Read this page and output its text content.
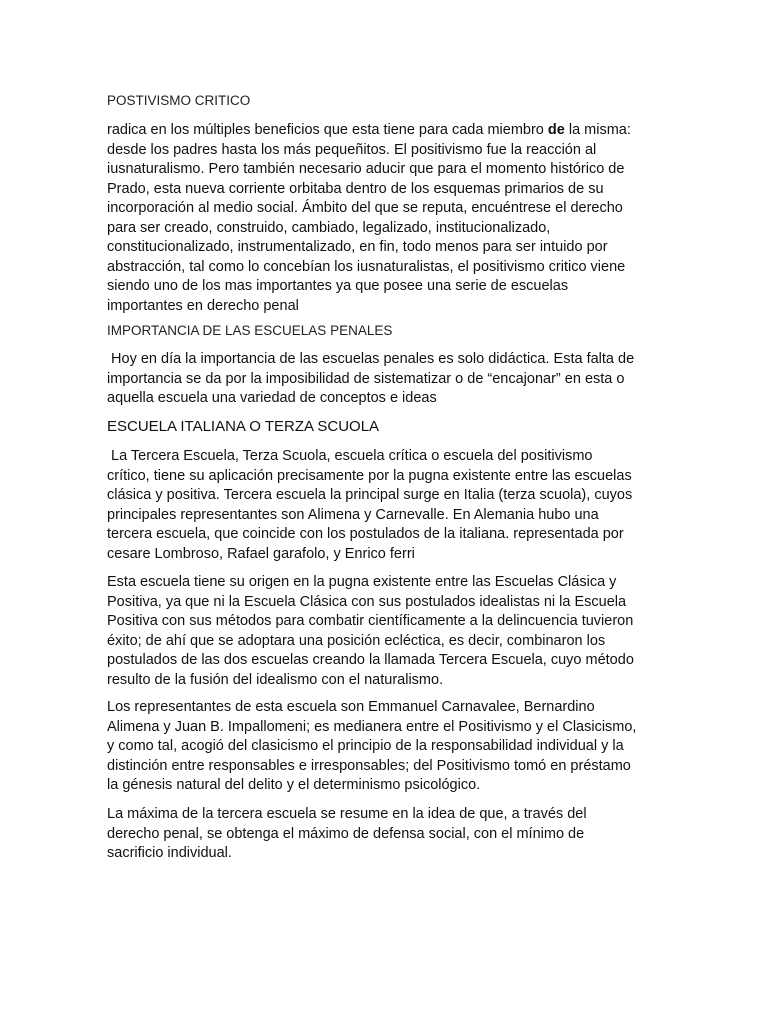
POSTIVISMO CRITICO

radica en los múltiples beneficios que esta tiene para cada miembro de la misma:
desde los padres hasta los más pequeñitos. El positivismo fue la reacción al
iusnaturalismo. Pero también necesario aducir que para el momento histórico de
Prado, esta nueva corriente orbitaba dentro de los esquemas primarios de su
incorporación al medio social. Ámbito del que se reputa, encuéntrese el derecho
para ser creado, construido, cambiado, legalizado, institucionalizado,
constitucionalizado, instrumentalizado, en fin, todo menos para ser intuido por
abstracción, tal como lo concebían los iusnaturalistas, el positivismo critico viene
siendo uno de los mas importantes ya que posee una serie de escuelas
importantes en derecho penal

IMPORTANCIA DE LAS ESCUELAS PENALES

Hoy en día la importancia de las escuelas penales es solo didáctica. Esta falta de
importancia se da por la imposibilidad de sistematizar o de “encajonar” en esta o
aquella escuela una variedad de conceptos e ideas

ESCUELA ITALIANA O TERZA SCUOLA

La Tercera Escuela, Terza Scuola, escuela crítica o escuela del positivismo
crítico, tiene su aplicación precisamente por la pugna existente entre las escuelas
clásica y positiva. Tercera escuela la principal surge en Italia (terza scuola), cuyos
principales representantes son Alimena y Carnevalle. En Alemania hubo una
tercera escuela, que coincide con los postulados de la italiana. representada por
cesare Lombroso, Rafael garafolo, y Enrico ferri
Esta escuela tiene su origen en la pugna existente entre las Escuelas Clásica y
Positiva, ya que ni la Escuela Clásica con sus postulados idealistas ni la Escuela
Positiva con sus métodos para combatir científicamente a la delincuencia tuvieron
éxito; de ahí que se adoptara una posición ecléctica, es decir, combinaron los
postulados de las dos escuelas creando la llamada Tercera Escuela, cuyo método
resulto de la fusión del idealismo con el naturalismo.
Los representantes de esta escuela son Emmanuel Carnavalee, Bernardino
Alimena y Juan B. Impallomeni; es medianera entre el Positivismo y el Clasicismo,
y como tal, acogió del clasicismo el principio de la responsabilidad individual y la
distinción entre responsables e irresponsables; del Positivismo tomó en préstamo
la génesis natural del delito y el determinismo psicológico.
La máxima de la tercera escuela se resume en la idea de que, a través del
derecho penal, se obtenga el máximo de defensa social, con el mínimo de
sacrificio individual.
